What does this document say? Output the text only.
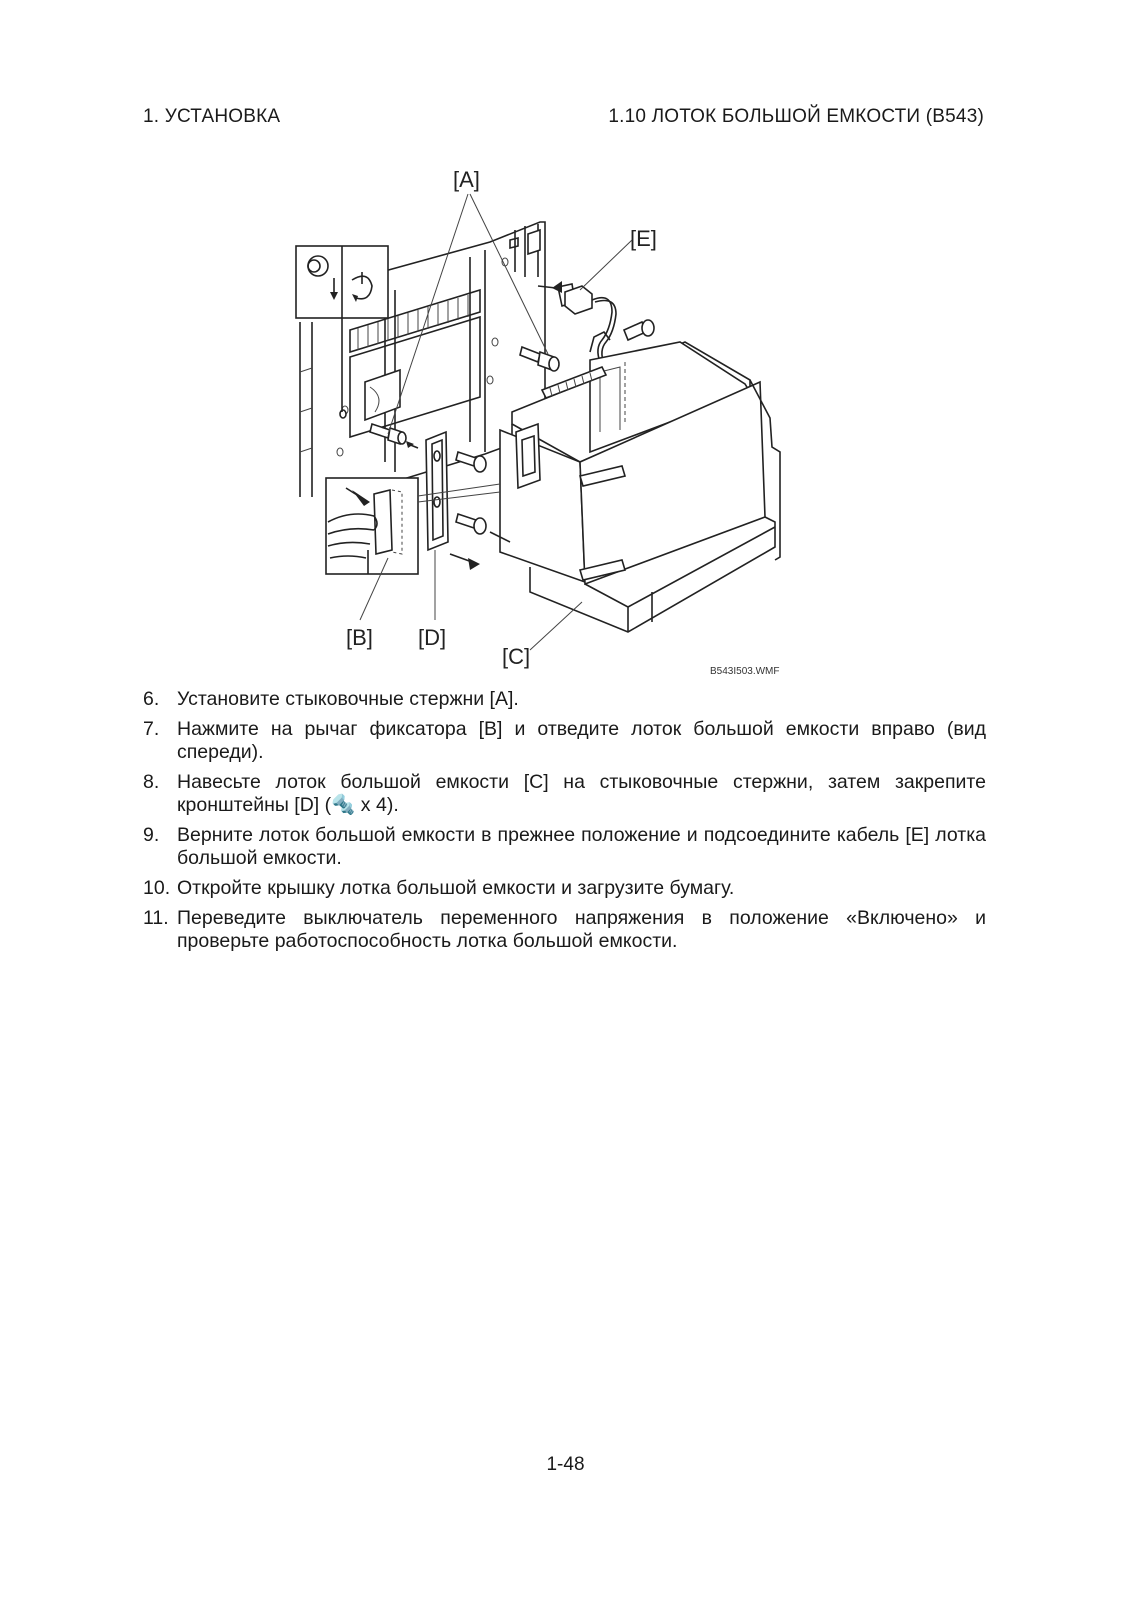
1. УСТАНОВКА	1.10 ЛОТОК БОЛЬШОЙ ЕМКОСТИ (B543)
[A]
[E]
[C]
[D]
[B]
B543I503.WMF
6. Установите стыковочные стержни [A].
7. Нажмите на рычаг фиксатора [B] и отведите лоток большой емкости вправо (вид спереди).
8. Навесьте лоток большой емкости [C] на стыковочные стержни, затем закрепите кронштейны [D] (🔩 x 4).
9. Верните лоток большой емкости в прежнее положение и подсоедините кабель [E] лотка большой емкости.
10. Откройте крышку лотка большой емкости и загрузите бумагу.
11. Переведите выключатель переменного напряжения в положение «Включено» и проверьте работоспособность лотка большой емкости.
1-48
